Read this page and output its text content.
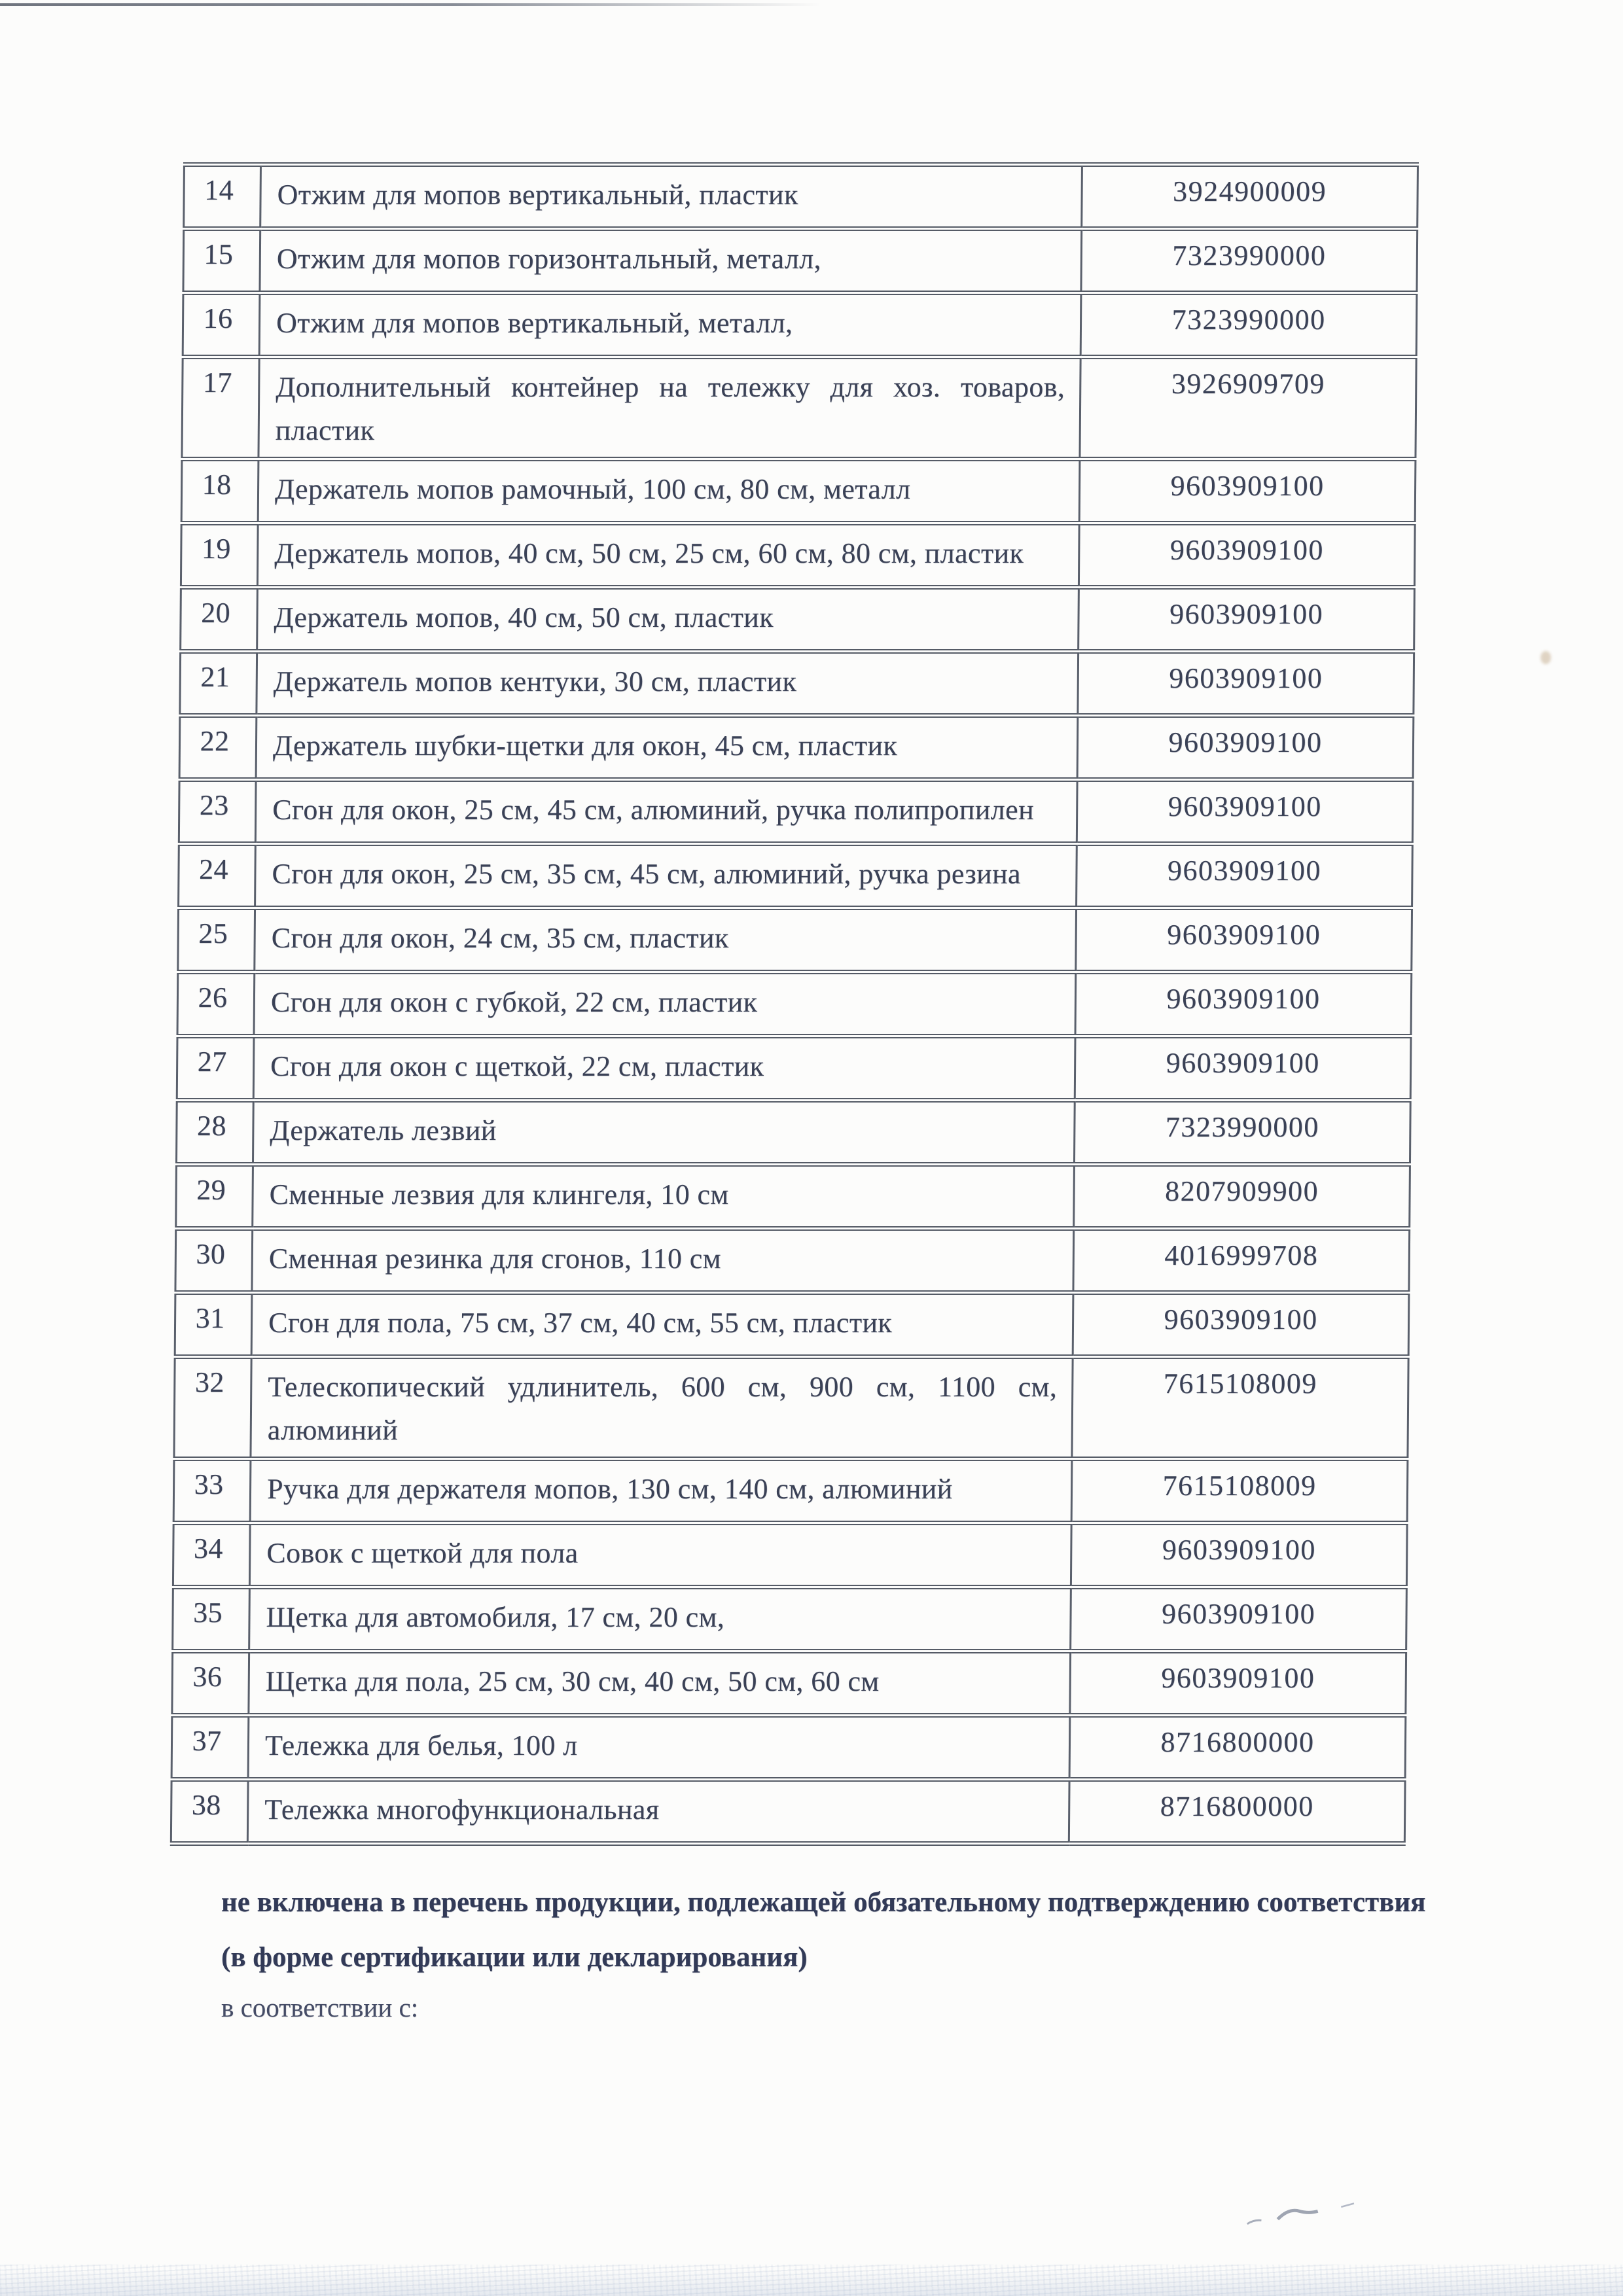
14	Отжим для мопов вертикальный, пластик	3924900009
15	Отжим для мопов горизонтальный, металл,	7323990000
16	Отжим для мопов вертикальный, металл,	7323990000
17	Дополнительный контейнер на тележку для хоз. товаров, пластик	3926909709
18	Держатель мопов рамочный, 100 см, 80 см, металл	9603909100
19	Держатель мопов, 40 см, 50 см, 25 см, 60 см, 80 см, пластик	9603909100
20	Держатель мопов, 40 см, 50 см, пластик	9603909100
21	Держатель мопов кентуки, 30 см, пластик	9603909100
22	Держатель шубки-щетки для окон, 45 см, пластик	9603909100
23	Сгон для окон, 25 см, 45 см, алюминий, ручка полипропилен	9603909100
24	Сгон для окон, 25 см, 35 см, 45 см, алюминий, ручка резина	9603909100
25	Сгон для окон, 24 см, 35 см, пластик	9603909100
26	Сгон для окон с губкой, 22 см, пластик	9603909100
27	Сгон для окон с щеткой, 22 см, пластик	9603909100
28	Держатель лезвий	7323990000
29	Сменные лезвия для клингеля, 10 см	8207909900
30	Сменная резинка для сгонов, 110 см	4016999708
31	Сгон для пола, 75 см, 37 см, 40 см, 55 см, пластик	9603909100
32	Телескопический удлинитель, 600 см, 900 см, 1100 см, алюминий	7615108009
33	Ручка для держателя мопов, 130 см, 140 см, алюминий	7615108009
34	Совок с щеткой для пола	9603909100
35	Щетка для автомобиля, 17 см, 20 см,	9603909100
36	Щетка для пола, 25 см, 30 см, 40 см, 50 см, 60 см	9603909100
37	Тележка для белья, 100 л	8716800000
38	Тележка многофункциональная	8716800000

не включена в перечень продукции, подлежащей обязательному подтверждению соответствия (в форме сертификации или декларирования)

в соответствии с:
